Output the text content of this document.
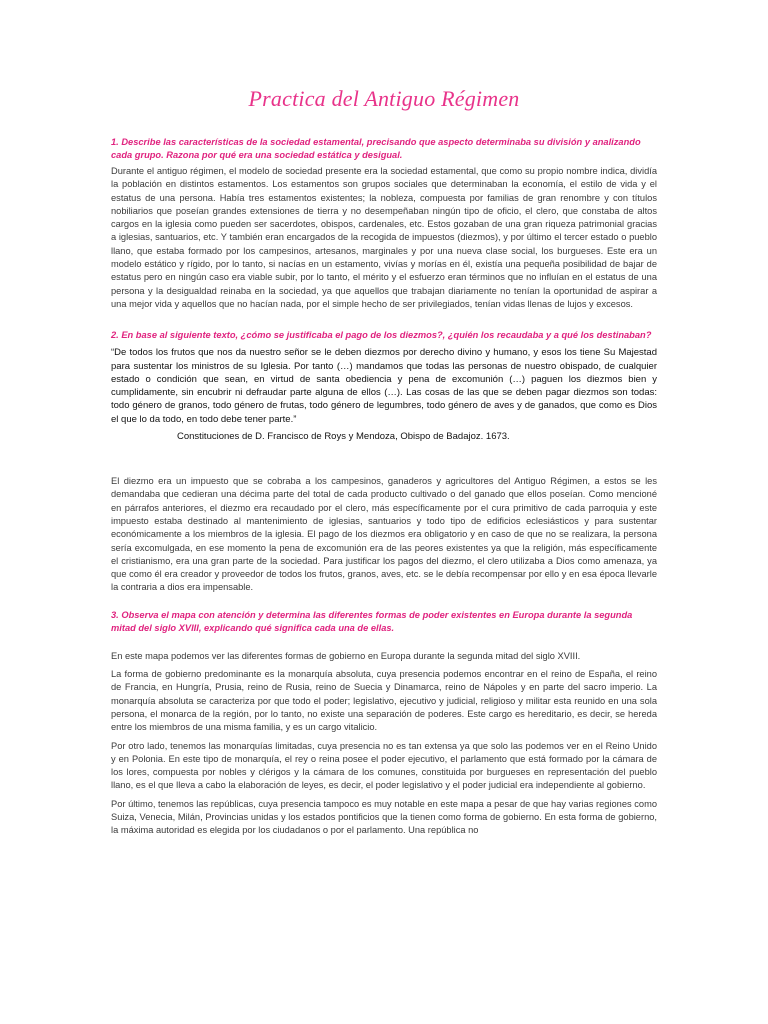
Practica del Antiguo Régimen

1. Describe las características de la sociedad estamental, precisando que aspecto determinaba su división y analizando cada grupo. Razona por qué era una sociedad estática y desigual.

Durante el antiguo régimen, el modelo de sociedad presente era la sociedad estamental, que como su propio nombre indica, dividía la población en distintos estamentos. Los estamentos son grupos sociales que determinaban la economía, el estilo de vida y el estatus de una persona. Había tres estamentos existentes; la nobleza, compuesta por familias de gran renombre y con títulos nobiliarios que poseían grandes extensiones de tierra y no desempeñaban ningún tipo de oficio, el clero, que constaba de altos cargos en la iglesia como pueden ser sacerdotes, obispos, cardenales, etc. Estos gozaban de una gran riqueza patrimonial gracias a iglesias, santuarios, etc. Y también eran encargados de la recogida de impuestos (diezmos), y por último el tercer estado o pueblo llano, que estaba formado por los campesinos, artesanos, marginales y por una nueva clase social, los burgueses. Este era un modelo estático y rígido, por lo tanto, si nacías en un estamento, vivías y morías en él, existía una pequeña posibilidad de bajar de estatus pero en ningún caso era viable subir, por lo tanto, el mérito y el esfuerzo eran términos que no influían en el estatus de una persona y la desigualdad reinaba en la sociedad, ya que aquellos que trabajan diariamente no tenían la oportunidad de aspirar a una mejor vida y aquellos que no hacían nada, por el simple hecho de ser privilegiados, tenían vidas llenas de lujos y excesos.

2. En base al siguiente texto, ¿cómo se justificaba el pago de los diezmos?, ¿quién los recaudaba y a qué los destinaban?

“De todos los frutos que nos da nuestro señor se le deben diezmos por derecho divino y humano, y esos los tiene Su Majestad para sustentar los ministros de su Iglesia. Por tanto (…) mandamos que todas las personas de nuestro obispado, de cualquier estado o condición que sean, en virtud de santa obediencia y pena de excomunión (…) paguen los diezmos bien y cumplidamente, sin encubrir ni defraudar parte alguna de ellos (…). Las cosas de las que se deben pagar diezmos son todas: todo género de granos, todo género de frutas, todo género de legumbres, todo género de aves y de ganados, que como es Dios el que lo da todo, en todo debe tener parte.”

Constituciones de D. Francisco de Roys y Mendoza, Obispo de Badajoz. 1673.

El diezmo era un impuesto que se cobraba a los campesinos, ganaderos y agricultores del Antiguo Régimen, a estos se les demandaba que cedieran una décima parte del total de cada producto cultivado o del ganado que ellos poseían. Como mencioné en párrafos anteriores, el diezmo era recaudado por el clero, más específicamente por el cura primitivo de cada parroquia y este impuesto estaba destinado al mantenimiento de iglesias, santuarios y todo tipo de edificios eclesiásticos y para sustentar económicamente a los miembros de la iglesia. El pago de los diezmos era obligatorio y en caso de que no se realizara, la persona sería excomulgada, en ese momento la pena de excomunión era de las peores existentes ya que la religión, más específicamente el cristianismo, era una gran parte de la sociedad. Para justificar los pagos del diezmo, el clero utilizaba a Dios como amenaza, ya que como él era creador y proveedor de todos los frutos, granos, aves, etc. se le debía recompensar por ello y en esa época llevarle la contraria a dios era impensable.

3. Observa el mapa con atención y determina las diferentes formas de poder existentes en Europa durante la segunda mitad del siglo XVIII, explicando qué significa cada una de ellas.

En este mapa podemos ver las diferentes formas de gobierno en Europa durante la segunda mitad del siglo XVIII.

La forma de gobierno predominante es la monarquía absoluta, cuya presencia podemos encontrar en el reino de España, el reino de Francia, en Hungría, Prusia, reino de Rusia, reino de Suecia y Dinamarca, reino de Nápoles y en parte del sacro imperio. La monarquía absoluta se caracteriza por que todo el poder; legislativo, ejecutivo y judicial, religioso y militar esta reunido en una sola persona, el monarca de la región, por lo tanto, no existe una separación de poderes. Este cargo es hereditario, es decir, se hereda entre los miembros de una misma familia, y es un cargo vitalicio.

Por otro lado, tenemos las monarquías limitadas, cuya presencia no es tan extensa ya que solo las podemos ver en el Reino Unido y en Polonia. En este tipo de monarquía, el rey o reina posee el poder ejecutivo, el parlamento que está formado por la cámara de los lores, compuesta por nobles y clérigos y la cámara de los comunes, constituida por burgueses en representación del pueblo llano, es el que lleva a cabo la elaboración de leyes, es decir, el poder legislativo y el poder judicial era independiente al gobierno.

Por último, tenemos las repúblicas, cuya presencia tampoco es muy notable en este mapa a pesar de que hay varias regiones como Suiza, Venecia, Milán, Provincias unidas y los estados pontificios que la tienen como forma de gobierno. En esta forma de gobierno, la máxima autoridad es elegida por los ciudadanos o por el parlamento. Una república no
